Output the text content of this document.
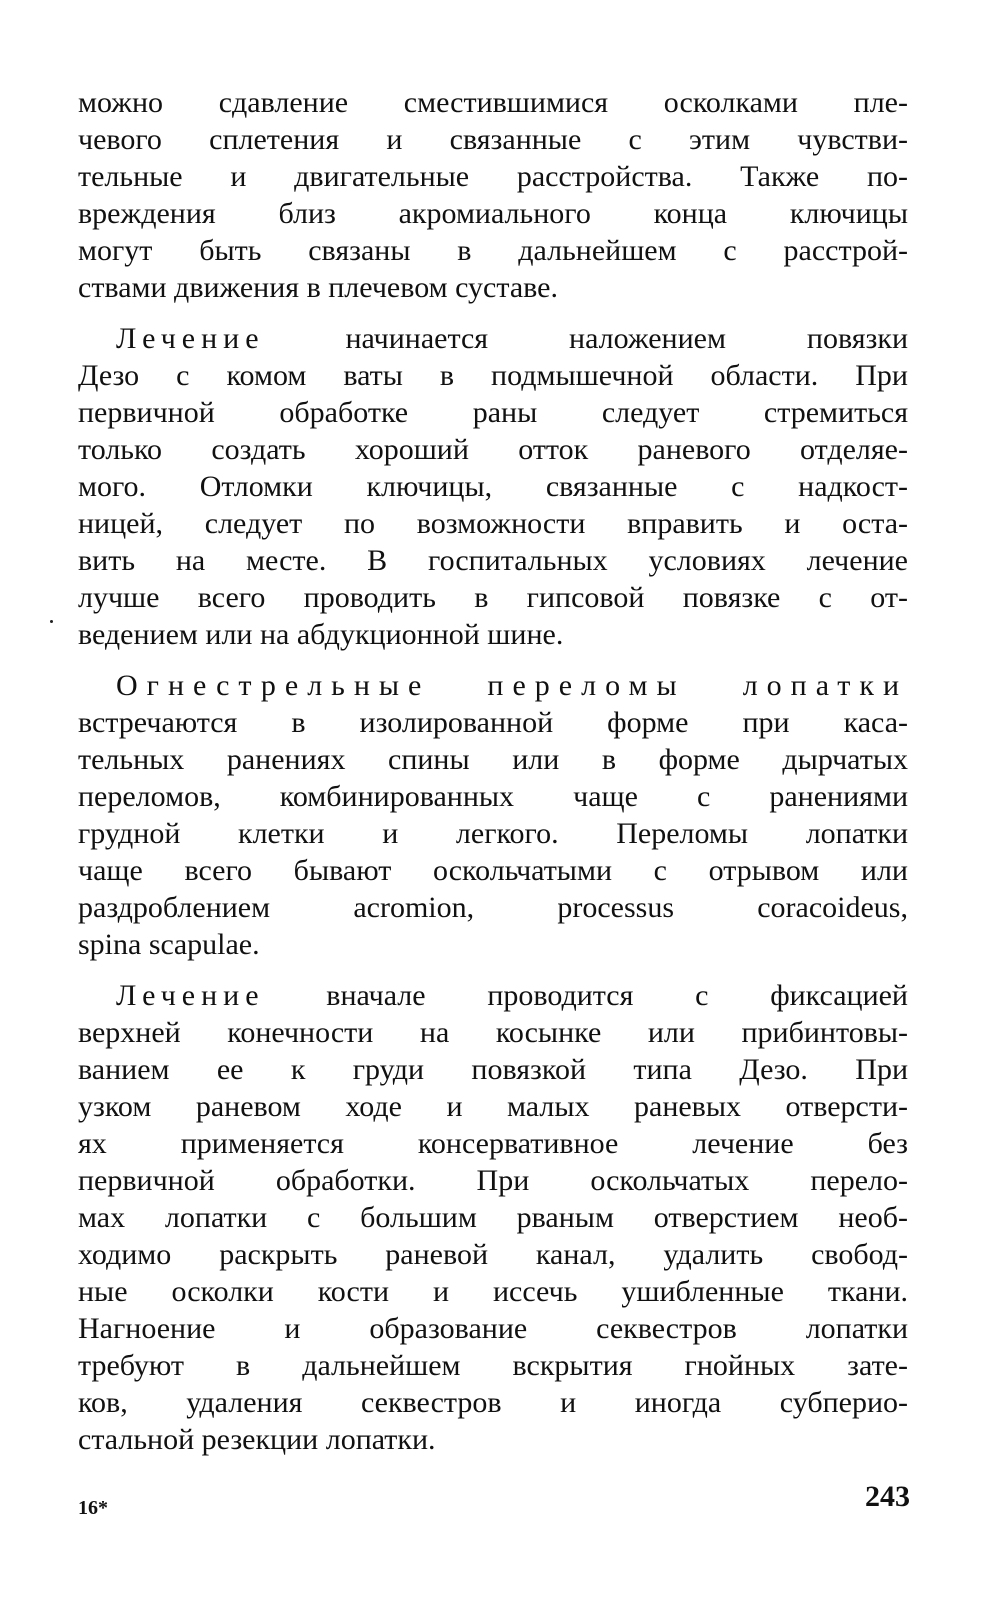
можно сдавление сместившимися осколками пле-
чевого сплетения и связанные с этим чувстви-
тельные и двигательные расстройства. Также по-
вреждения близ акромиального конца ключицы
могут быть связаны в дальнейшем с расстрой-
ствами движения в плечевом суставе.
Лечение начинается наложением повязки
Дезо с комом ваты в подмышечной области. При
первичной обработке раны следует стремиться
только создать хороший отток раневого отделяе-
мого. Отломки ключицы, связанные с надкост-
ницей, следует по возможности вправить и оста-
вить на месте. В госпитальных условиях лечение
лучше всего проводить в гипсовой повязке с от-
ведением или на абдукционной шине.
Огнестрельные переломы лопатки
встречаются в изолированной форме при каса-
тельных ранениях спины или в форме дырчатых
переломов, комбинированных чаще с ранениями
грудной клетки и легкого. Переломы лопатки
чаще всего бывают оскольчатыми с отрывом или
раздроблением acromion, processus coracoideus,
spina scapulae.
Лечение вначале проводится с фиксацией
верхней конечности на косынке или прибинтовы-
ванием ее к груди повязкой типа Дезо. При
узком раневом ходе и малых раневых отверсти-
ях применяется консервативное лечение без
первичной обработки. При оскольчатых перело-
мах лопатки с большим рваным отверстием необ-
ходимо раскрыть раневой канал, удалить свобод-
ные осколки кости и иссечь ушибленные ткани.
Нагноение и образование секвестров лопатки
требуют в дальнейшем вскрытия гнойных зате-
ков, удаления секвестров и иногда субпериo-
стальной резекции лопатки.
16*	243
